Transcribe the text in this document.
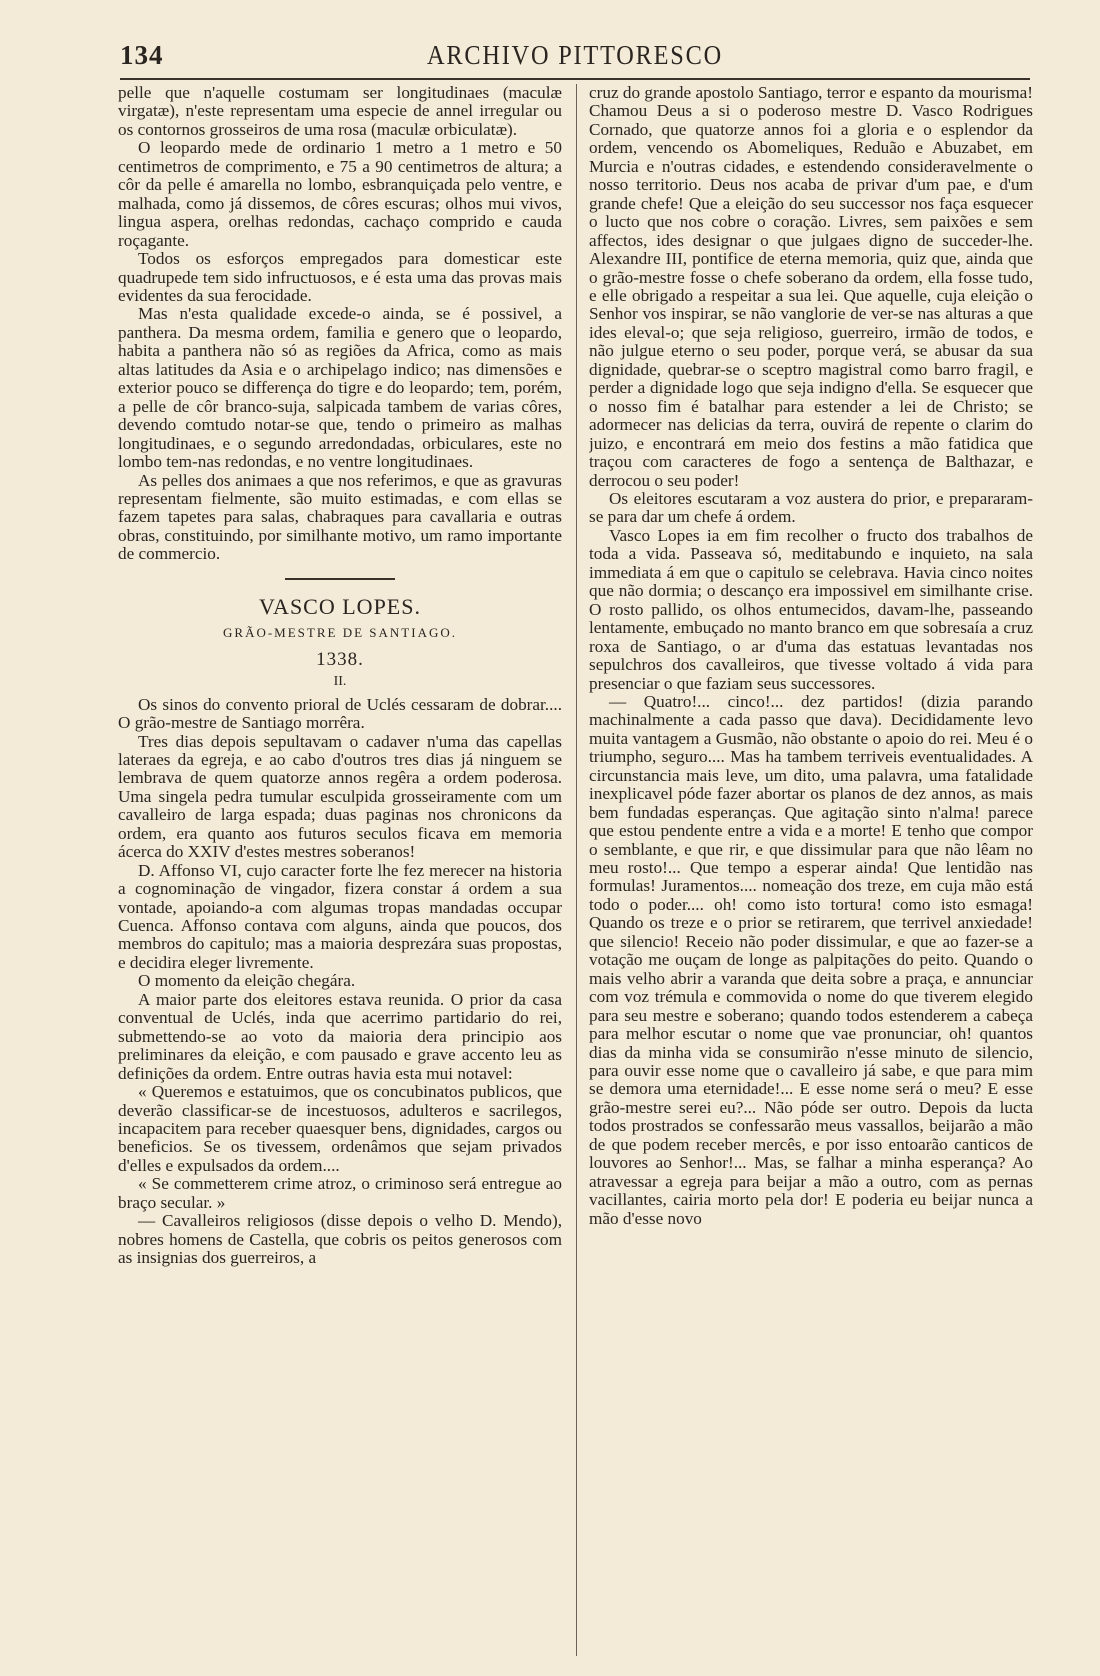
134	ARCHIVO PITTORESCO

pelle que n'aquelle costumam ser longitudinaes (maculæ virgatæ), n'este representam uma especie de annel irregular ou os contornos grosseiros de uma rosa (maculæ orbiculatæ).

O leopardo mede de ordinario 1 metro a 1 metro e 50 centimetros de comprimento, e 75 a 90 centimetros de altura; a côr da pelle é amarella no lombo, esbranquiçada pelo ventre, e malhada, como já dissemos, de côres escuras; olhos mui vivos, lingua aspera, orelhas redondas, cachaço comprido e cauda roçagante.

Todos os esforços empregados para domesticar este quadrupede tem sido infructuosos, e é esta uma das provas mais evidentes da sua ferocidade.

Mas n'esta qualidade excede-o ainda, se é possivel, a panthera. Da mesma ordem, familia e genero que o leopardo, habita a panthera não só as regiões da Africa, como as mais altas latitudes da Asia e o archipelago indico; nas dimensões e exterior pouco se differença do tigre e do leopardo; tem, porém, a pelle de côr branco-suja, salpicada tambem de varias côres, devendo comtudo notar-se que, tendo o primeiro as malhas longitudinaes, e o segundo arredondadas, orbiculares, este no lombo tem-nas redondas, e no ventre longitudinaes.

As pelles dos animaes a que nos referimos, e que as gravuras representam fielmente, são muito estimadas, e com ellas se fazem tapetes para salas, chabraques para cavallaria e outras obras, constituindo, por similhante motivo, um ramo importante de commercio.

VASCO LOPES.
GRÃO-MESTRE DE SANTIAGO.
1338.
II.

Os sinos do convento prioral de Uclés cessaram de dobrar.... O grão-mestre de Santiago morrêra.

Tres dias depois sepultavam o cadaver n'uma das capellas lateraes da egreja, e ao cabo d'outros tres dias já ninguem se lembrava de quem quatorze annos regêra a ordem poderosa. Uma singela pedra tumular esculpida grosseiramente com um cavalleiro de larga espada; duas paginas nos chronicons da ordem, era quanto aos futuros seculos ficava em memoria ácerca do XXIV d'estes mestres soberanos!

D. Affonso VI, cujo caracter forte lhe fez merecer na historia a cognominação de vingador, fizera constar á ordem a sua vontade, apoiando-a com algumas tropas mandadas occupar Cuenca. Affonso contava com alguns, ainda que poucos, dos membros do capitulo; mas a maioria desprezára suas propostas, e decidira eleger livremente.

O momento da eleição chegára.

A maior parte dos eleitores estava reunida. O prior da casa conventual de Uclés, inda que acerrimo partidario do rei, submettendo-se ao voto da maioria dera principio aos preliminares da eleição, e com pausado e grave accento leu as definições da ordem. Entre outras havia esta mui notavel:

« Queremos e estatuimos, que os concubinatos publicos, que deverão classificar-se de incestuosos, adulteros e sacrilegos, incapacitem para receber quaesquer bens, dignidades, cargos ou beneficios. Se os tivessem, ordenâmos que sejam privados d'elles e expulsados da ordem....

« Se commetterem crime atroz, o criminoso será entregue ao braço secular. »

— Cavalleiros religiosos (disse depois o velho D. Mendo), nobres homens de Castella, que cobris os peitos generosos com as insignias dos guerreiros, a

cruz do grande apostolo Santiago, terror e espanto da mourisma! Chamou Deus a si o poderoso mestre D. Vasco Rodrigues Cornado, que quatorze annos foi a gloria e o esplendor da ordem, vencendo os Abomeliques, Reduão e Abuzabet, em Murcia e n'outras cidades, e estendendo consideravelmente o nosso territorio. Deus nos acaba de privar d'um pae, e d'um grande chefe! Que a eleição do seu successor nos faça esquecer o lucto que nos cobre o coração. Livres, sem paixões e sem affectos, ides designar o que julgaes digno de succeder-lhe. Alexandre III, pontifice de eterna memoria, quiz que, ainda que o grão-mestre fosse o chefe soberano da ordem, ella fosse tudo, e elle obrigado a respeitar a sua lei. Que aquelle, cuja eleição o Senhor vos inspirar, se não vanglorie de ver-se nas alturas a que ides eleval-o; que seja religioso, guerreiro, irmão de todos, e não julgue eterno o seu poder, porque verá, se abusar da sua dignidade, quebrar-se o sceptro magistral como barro fragil, e perder a dignidade logo que seja indigno d'ella. Se esquecer que o nosso fim é batalhar para estender a lei de Christo; se adormecer nas delicias da terra, ouvirá de repente o clarim do juizo, e encontrará em meio dos festins a mão fatidica que traçou com caracteres de fogo a sentença de Balthazar, e derrocou o seu poder!

Os eleitores escutaram a voz austera do prior, e prepararam-se para dar um chefe á ordem.

Vasco Lopes ia em fim recolher o fructo dos trabalhos de toda a vida. Passeava só, meditabundo e inquieto, na sala immediata á em que o capitulo se celebrava. Havia cinco noites que não dormia; o descanço era impossivel em similhante crise. O rosto pallido, os olhos entumecidos, davam-lhe, passeando lentamente, embuçado no manto branco em que sobresaía a cruz roxa de Santiago, o ar d'uma das estatuas levantadas nos sepulchros dos cavalleiros, que tivesse voltado á vida para presenciar o que faziam seus successores.

— Quatro!... cinco!... dez partidos! (dizia parando machinalmente a cada passo que dava). Decididamente levo muita vantagem a Gusmão, não obstante o apoio do rei. Meu é o triumpho, seguro.... Mas ha tambem terriveis eventualidades. A circunstancia mais leve, um dito, uma palavra, uma fatalidade inexplicavel póde fazer abortar os planos de dez annos, as mais bem fundadas esperanças. Que agitação sinto n'alma! parece que estou pendente entre a vida e a morte! E tenho que compor o semblante, e que rir, e que dissimular para que não lêam no meu rosto!... Que tempo a esperar ainda! Que lentidão nas formulas! Juramentos.... nomeação dos treze, em cuja mão está todo o poder.... oh! como isto tortura! como isto esmaga! Quando os treze e o prior se retirarem, que terrivel anxiedade! que silencio! Receio não poder dissimular, e que ao fazer-se a votação me ouçam de longe as palpitações do peito. Quando o mais velho abrir a varanda que deita sobre a praça, e annunciar com voz trémula e commovida o nome do que tiverem elegido para seu mestre e soberano; quando todos estenderem a cabeça para melhor escutar o nome que vae pronunciar, oh! quantos dias da minha vida se consumirão n'esse minuto de silencio, para ouvir esse nome que o cavalleiro já sabe, e que para mim se demora uma eternidade!... E esse nome será o meu? E esse grão-mestre serei eu?... Não póde ser outro. Depois da lucta todos prostrados se confessarão meus vassallos, beijarão a mão de que podem receber mercês, e por isso entoarão canticos de louvores ao Senhor!... Mas, se falhar a minha esperança? Ao atravessar a egreja para beijar a mão a outro, com as pernas vacillantes, cairia morto pela dor! E poderia eu beijar nunca a mão d'esse novo
